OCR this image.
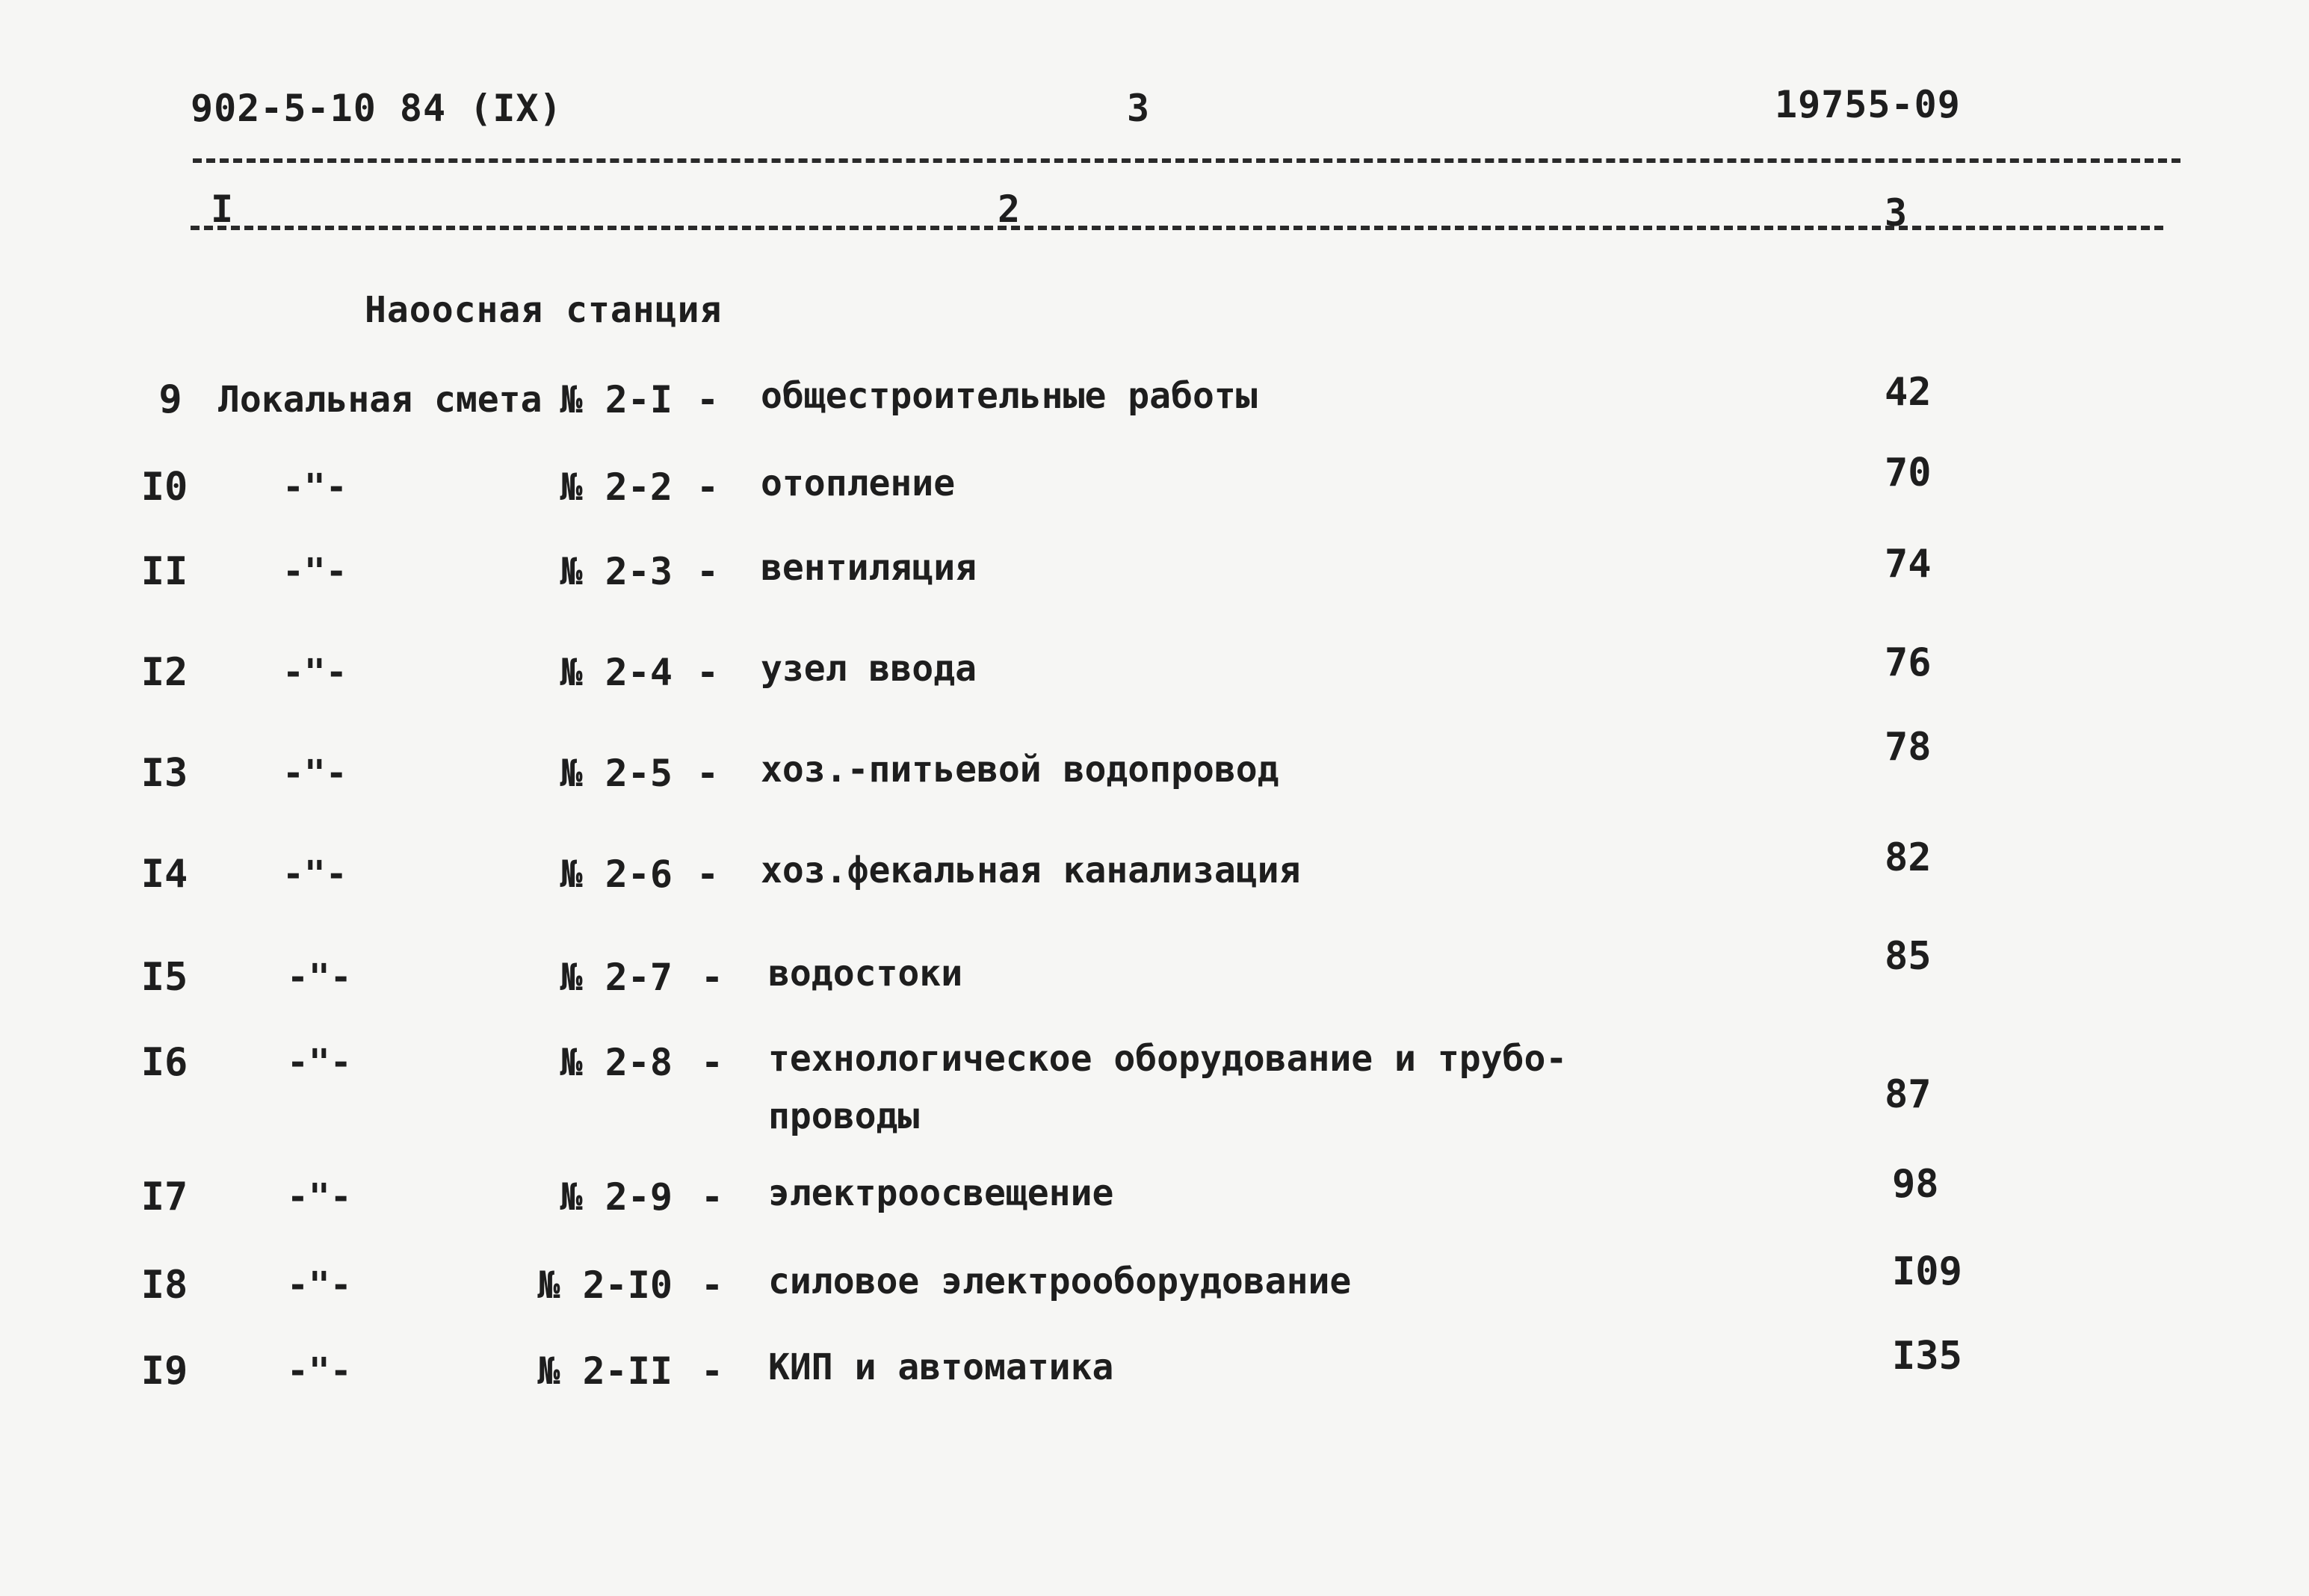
902-5-10 84 (IX)	3	19755-09
I	2	3
Наоосная станция
9	Локальная смета № 2-I - общестроительные работы	42
I0	-"-	№ 2-2 - отопление	70
II	-"-	№ 2-3 - вентиляция	74
I2	-"-	№ 2-4 - узел ввода	76
I3	-"-	№ 2-5 - хоз.-питьевой водопровод	78
I4	-"-	№ 2-6 - хоз.фекальная канализация	82
I5	-"-	№ 2-7 - водостоки	85
I6	-"-	№ 2-8 - технологическое оборудование и трубо-
проводы	87
I7	-"-	№ 2-9 - электроосвещение	98
I8	-"-	№ 2-I0 - силовое электрооборудование	I09
I9	-"-	№ 2-II - КИП и автоматика	I35
